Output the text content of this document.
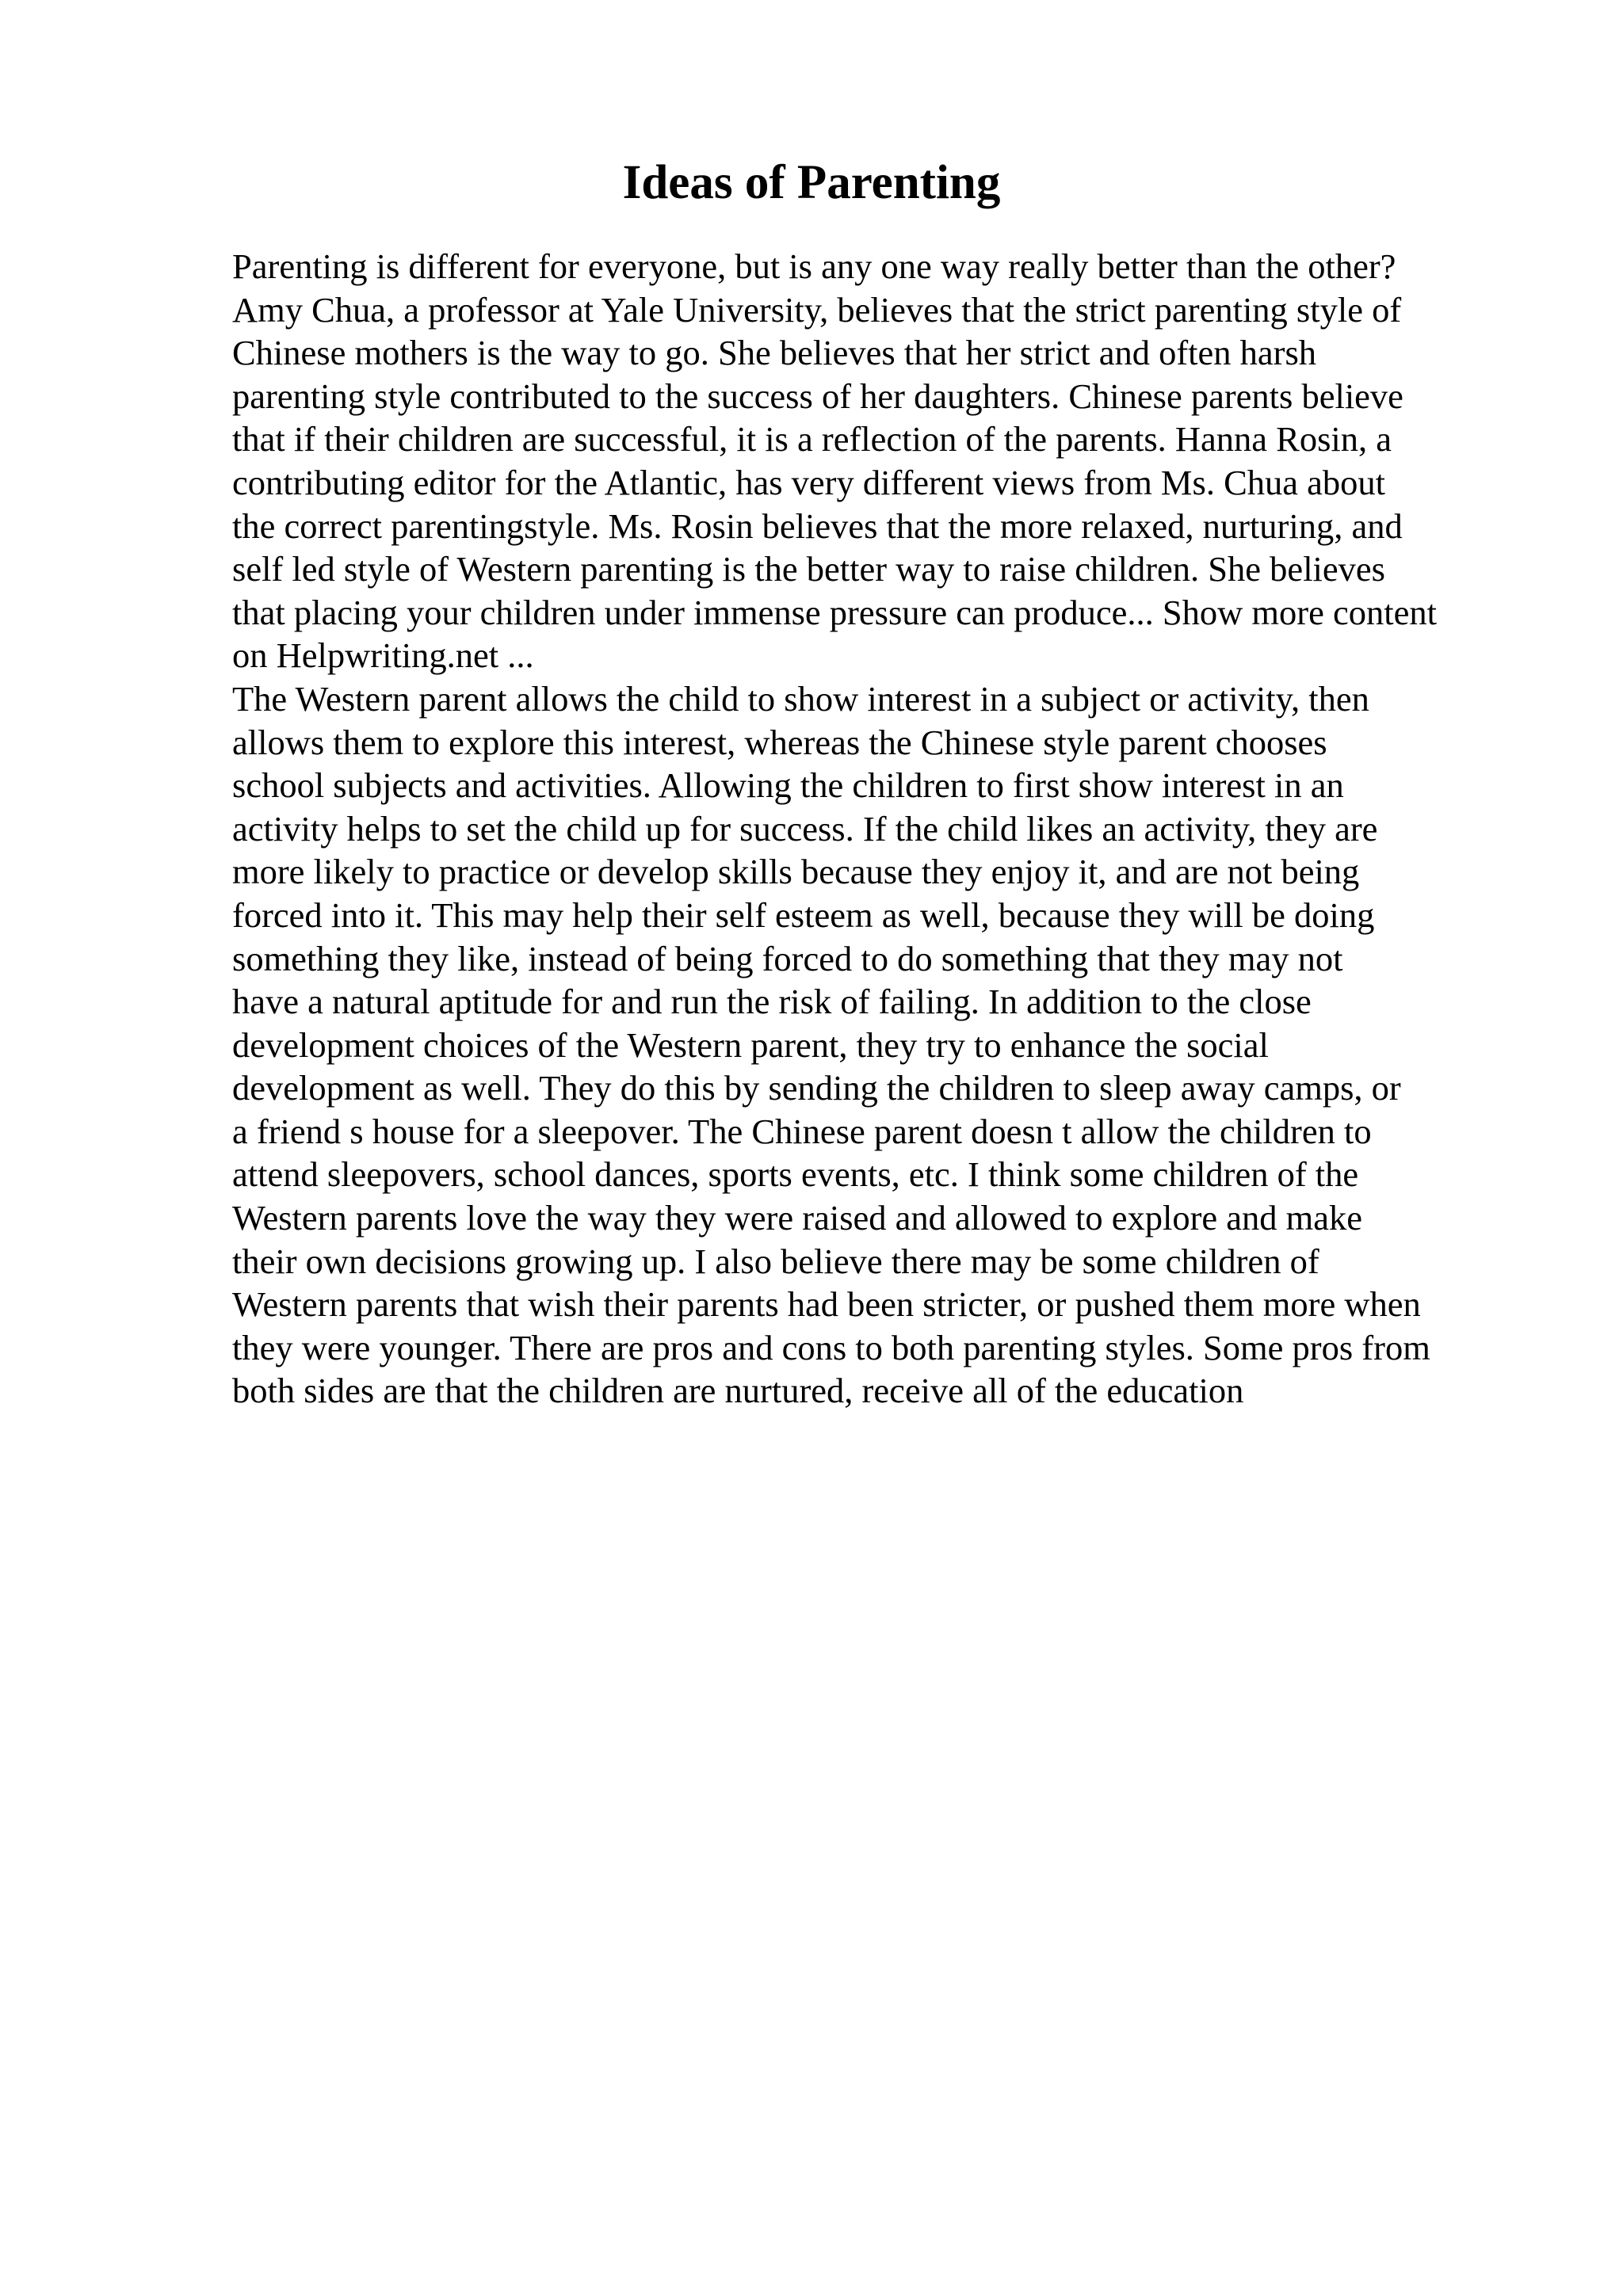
Ideas of Parenting
Parenting is different for everyone, but is any one way really better than the other?
Amy Chua, a professor at Yale University, believes that the strict parenting style of
Chinese mothers is the way to go. She believes that her strict and often harsh
parenting style contributed to the success of her daughters. Chinese parents believe
that if their children are successful, it is a reflection of the parents. Hanna Rosin, a
contributing editor for the Atlantic, has very different views from Ms. Chua about
the correct parentingstyle. Ms. Rosin believes that the more relaxed, nurturing, and
self led style of Western parenting is the better way to raise children. She believes
that placing your children under immense pressure can produce... Show more content
on Helpwriting.net ...
The Western parent allows the child to show interest in a subject or activity, then
allows them to explore this interest, whereas the Chinese style parent chooses
school subjects and activities. Allowing the children to first show interest in an
activity helps to set the child up for success. If the child likes an activity, they are
more likely to practice or develop skills because they enjoy it, and are not being
forced into it. This may help their self esteem as well, because they will be doing
something they like, instead of being forced to do something that they may not
have a natural aptitude for and run the risk of failing. In addition to the close
development choices of the Western parent, they try to enhance the social
development as well. They do this by sending the children to sleep away camps, or
a friend s house for a sleepover. The Chinese parent doesn t allow the children to
attend sleepovers, school dances, sports events, etc. I think some children of the
Western parents love the way they were raised and allowed to explore and make
their own decisions growing up. I also believe there may be some children of
Western parents that wish their parents had been stricter, or pushed them more when
they were younger. There are pros and cons to both parenting styles. Some pros from
both sides are that the children are nurtured, receive all of the education
